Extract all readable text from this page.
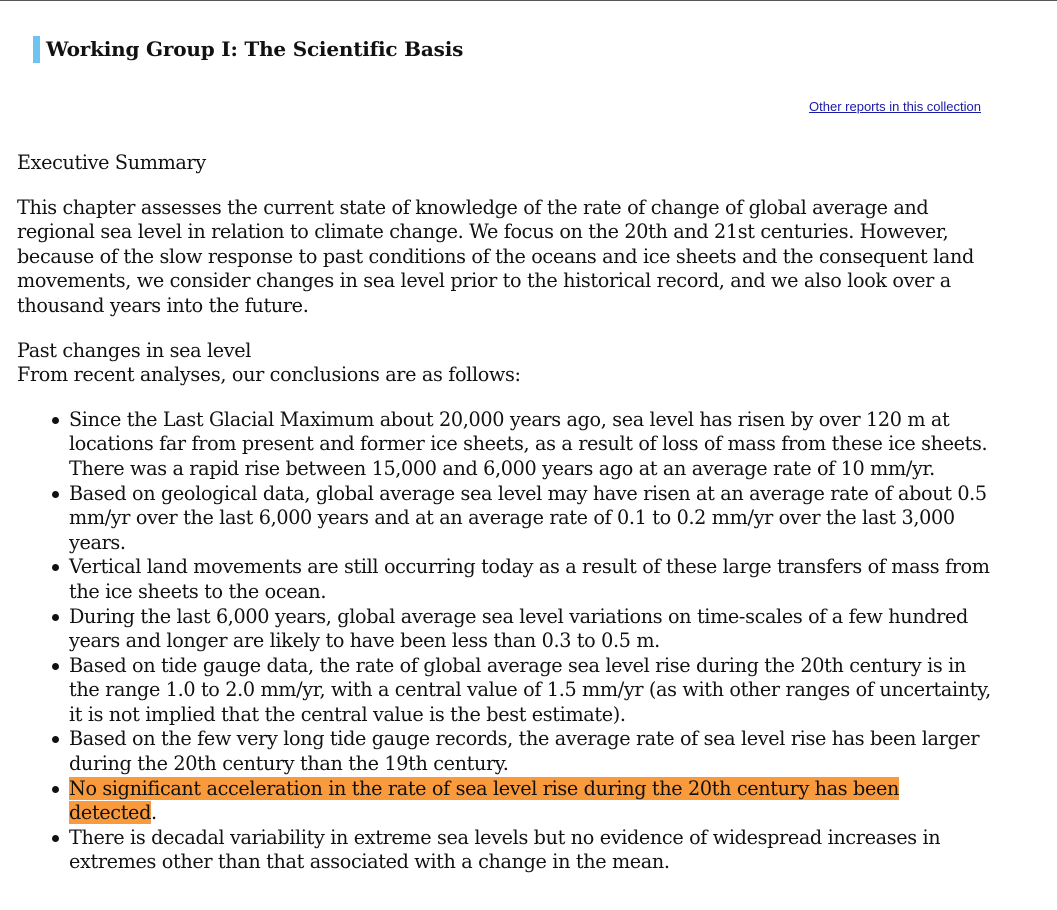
Working Group I: The Scientific Basis
Other reports in this collection
Executive Summary

This chapter assesses the current state of knowledge of the rate of change of global average and regional sea level in relation to climate change. We focus on the 20th and 21st centuries. However, because of the slow response to past conditions of the oceans and ice sheets and the consequent land movements, we consider changes in sea level prior to the historical record, and we also look over a thousand years into the future.

Past changes in sea level

From recent analyses, our conclusions are as follows:

Since the Last Glacial Maximum about 20,000 years ago, sea level has risen by over 120 m at locations far from present and former ice sheets, as a result of loss of mass from these ice sheets. There was a rapid rise between 15,000 and 6,000 years ago at an average rate of 10 mm/yr.
Based on geological data, global average sea level may have risen at an average rate of about 0.5 mm/yr over the last 6,000 years and at an average rate of 0.1 to 0.2 mm/yr over the last 3,000 years.
Vertical land movements are still occurring today as a result of these large transfers of mass from the ice sheets to the ocean.
During the last 6,000 years, global average sea level variations on time-scales of a few hundred years and longer are likely to have been less than 0.3 to 0.5 m.
Based on tide gauge data, the rate of global average sea level rise during the 20th century is in the range 1.0 to 2.0 mm/yr, with a central value of 1.5 mm/yr (as with other ranges of uncertainty, it is not implied that the central value is the best estimate).
Based on the few very long tide gauge records, the average rate of sea level rise has been larger during the 20th century than the 19th century.
No significant acceleration in the rate of sea level rise during the 20th century has been detected.
There is decadal variability in extreme sea levels but no evidence of widespread increases in extremes other than that associated with a change in the mean.
